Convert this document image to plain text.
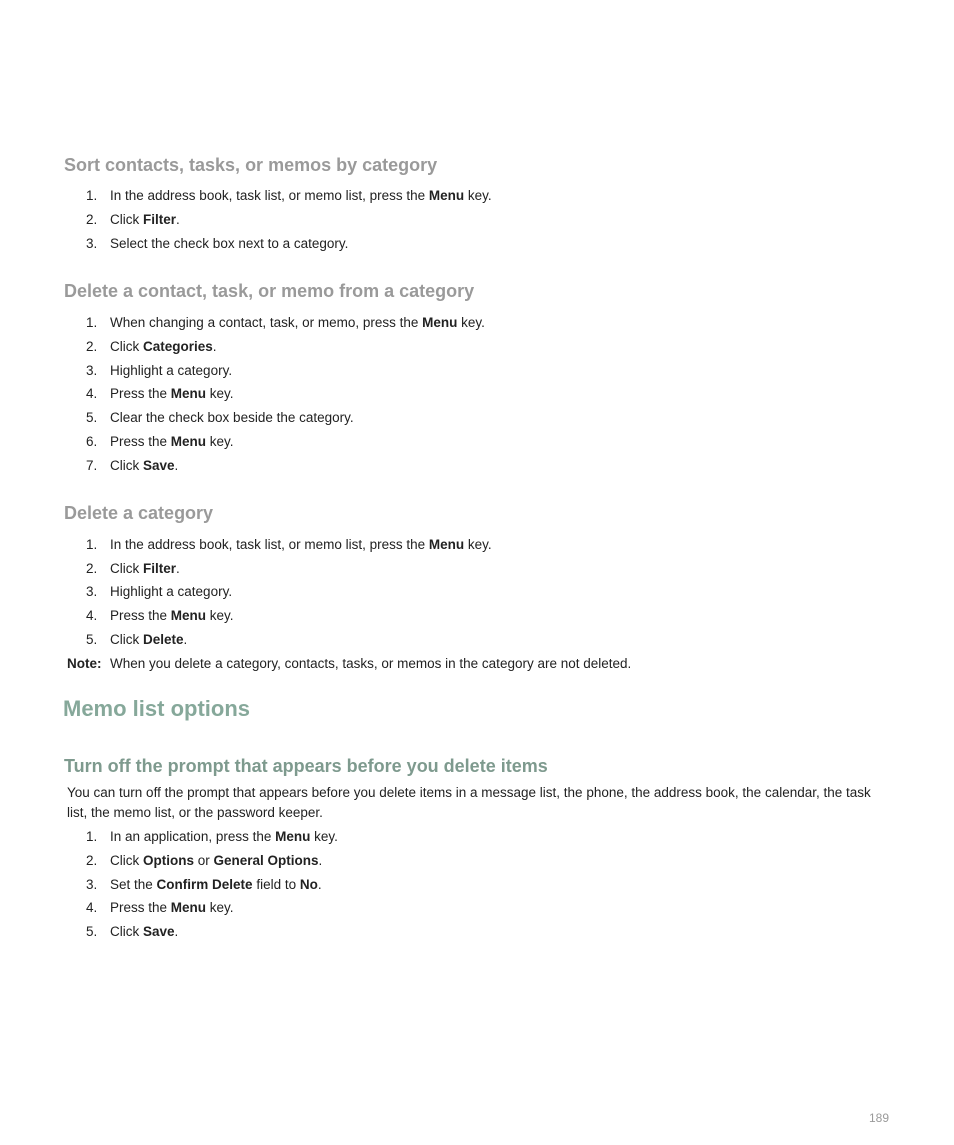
Sort contacts, tasks, or memos by category
1. In the address book, task list, or memo list, press the Menu key.
2. Click Filter.
3. Select the check box next to a category.
Delete a contact, task, or memo from a category
1. When changing a contact, task, or memo, press the Menu key.
2. Click Categories.
3. Highlight a category.
4. Press the Menu key.
5. Clear the check box beside the category.
6. Press the Menu key.
7. Click Save.
Delete a category
1. In the address book, task list, or memo list, press the Menu key.
2. Click Filter.
3. Highlight a category.
4. Press the Menu key.
5. Click Delete.
Note: When you delete a category, contacts, tasks, or memos in the category are not deleted.
Memo list options
Turn off the prompt that appears before you delete items

You can turn off the prompt that appears before you delete items in a message list, the phone, the address book, the calendar, the task

list, the memo list, or the password keeper.

1. In an application, press the Menu key.
2. Click Options or General Options.
3. Set the Confirm Delete field to No.
4. Press the Menu key.
5. Click Save.
189
